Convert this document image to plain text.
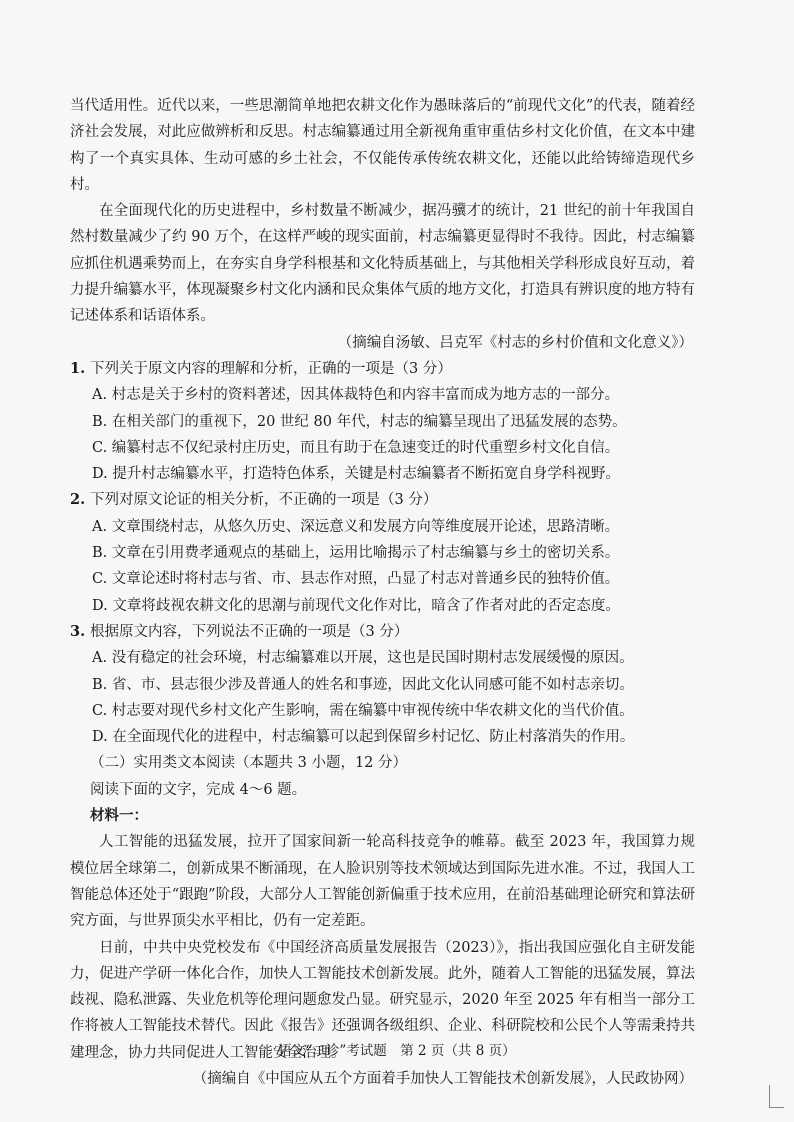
当代适用性。近代以来，一些思潮简单地把农耕文化作为愚昧落后的“前现代文化”的代表，随着经济社会发展，对此应做辨析和反思。村志编纂通过用全新视角重审重估乡村文化价值，在文本中建构了一个真实具体、生动可感的乡土社会，不仅能传承传统农耕文化，还能以此给铸缔造现代乡村。

在全面现代化的历史进程中，乡村数量不断减少，据冯骥才的统计，21 世纪的前十年我国自然村数量减少了约 90 万个，在这样严峻的现实面前，村志编纂更显得时不我待。因此，村志编纂应抓住机遇乘势而上，在夯实自身学科根基和文化特质基础上，与其他相关学科形成良好互动，着力提升编纂水平，体现凝聚乡村文化内涵和民众集体气质的地方文化，打造具有辨识度的地方特有记述体系和话语体系。

（摘编自汤敏、吕克军《村志的乡村价值和文化意义》）

1. 下列关于原文内容的理解和分析，正确的一项是（3 分）

A. 村志是关于乡村的资料著述，因其体裁特色和内容丰富而成为地方志的一部分。

B. 在相关部门的重视下，20 世纪 80 年代，村志的编纂呈现出了迅猛发展的态势。

C. 编纂村志不仅纪录村庄历史，而且有助于在急速变迁的时代重塑乡村文化自信。

D. 提升村志编纂水平，打造特色体系，关键是村志编纂者不断拓宽自身学科视野。

2. 下列对原文论证的相关分析，不正确的一项是（3 分）

A. 文章围绕村志，从悠久历史、深远意义和发展方向等维度展开论述，思路清晰。

B. 文章在引用费孝通观点的基础上，运用比喻揭示了村志编纂与乡土的密切关系。

C. 文章论述时将村志与省、市、县志作对照，凸显了村志对普通乡民的独特价值。

D. 文章将歧视农耕文化的思潮与前现代文化作对比，暗含了作者对此的否定态度。

3. 根据原文内容，下列说法不正确的一项是（3 分）

A. 没有稳定的社会环境，村志编纂难以开展，这也是民国时期村志发展缓慢的原因。

B. 省、市、县志很少涉及普通人的姓名和事迹，因此文化认同感可能不如村志亲切。

C. 村志要对现代乡村文化产生影响，需在编纂中审视传统中华农耕文化的当代价值。

D. 在全面现代化的进程中，村志编纂可以起到保留乡村记忆、防止村落消失的作用。

（二）实用类文本阅读（本题共 3 小题，12 分）

阅读下面的文字，完成 4～6 题。

材料一：

人工智能的迅猛发展，拉开了国家间新一轮高科技竞争的帷幕。截至 2023 年，我国算力规模位居全球第二，创新成果不断涌现，在人脸识别等技术领域达到国际先进水准。不过，我国人工智能总体还处于“跟跑”阶段，大部分人工智能创新偏重于技术应用，在前沿基础理论研究和算法研究方面，与世界顶尖水平相比，仍有一定差距。

日前，中共中央党校发布《中国经济高质量发展报告（2023）》，指出我国应强化自主研发能力，促进产学研一体化合作，加快人工智能技术创新发展。此外，随着人工智能的迅猛发展，算法歧视、隐私泄露、失业危机等伦理问题愈发凸显。研究显示，2020 年至 2025 年有相当一部分工作将被人工智能技术替代。因此《报告》还强调各级组织、企业、科研院校和公民个人等需秉持共建理念，协力共同促进人工智能安全治理。

（摘编自《中国应从五个方面着手加快人工智能技术创新发展》，人民政协网）

语文“二诊”考试题　第 2 页（共 8 页）
